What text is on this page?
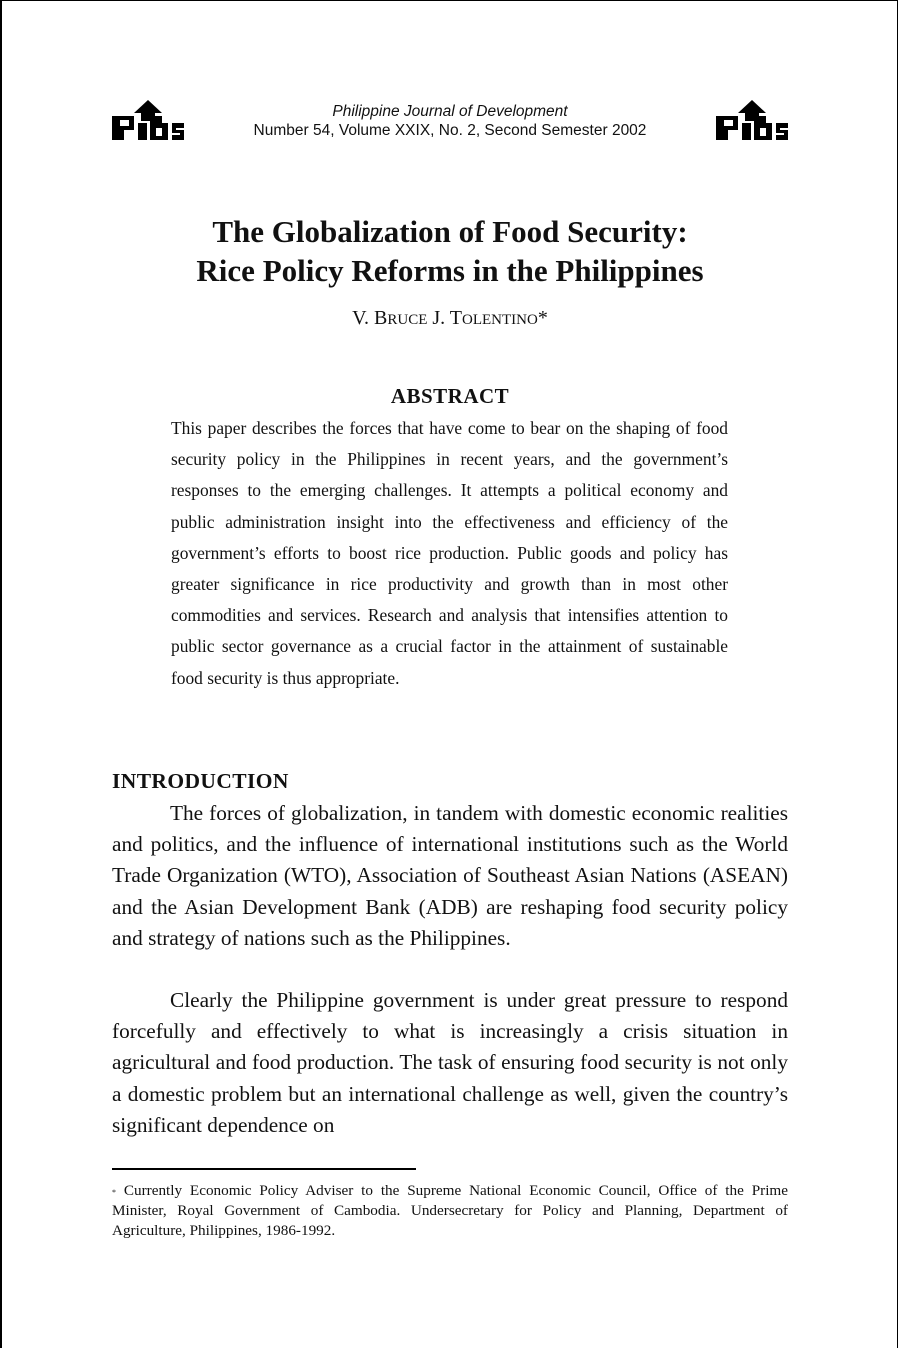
pids
Philippine Journal of Development
Number 54, Volume XXIX, No. 2, Second Semester 2002
The Globalization of Food Security:
Rice Policy Reforms in the Philippines
V. BRUCE J. TOLENTINO*
ABSTRACT

This paper describes the forces that have come to bear on the shaping of food security policy in the Philippines in recent years, and the government’s responses to the emerging challenges. It attempts a political economy and public administration insight into the effectiveness and efficiency of the government’s efforts to boost rice production. Public goods and policy has greater significance in rice productivity and growth than in most other commodities and services. Research and analysis that intensifies attention to public sector governance as a crucial factor in the attainment of sustainable food security is thus appropriate.

INTRODUCTION

The forces of globalization, in tandem with domestic economic realities and politics, and the influence of international institutions such as the World Trade Organization (WTO), Association of Southeast Asian Nations (ASEAN) and the Asian Development Bank (ADB) are reshaping food security policy and strategy of nations such as the Philippines.

Clearly the Philippine government is under great pressure to respond forcefully and effectively to what is increasingly a crisis situation in agricultural and food production. The task of ensuring food security is not only a domestic problem but an international challenge as well, given the country’s significant dependence on

* Currently Economic Policy Adviser to the Supreme National Economic Council, Office of the Prime Minister, Royal Government of Cambodia. Undersecretary for Policy and Planning, Department of Agriculture, Philippines, 1986-1992.
